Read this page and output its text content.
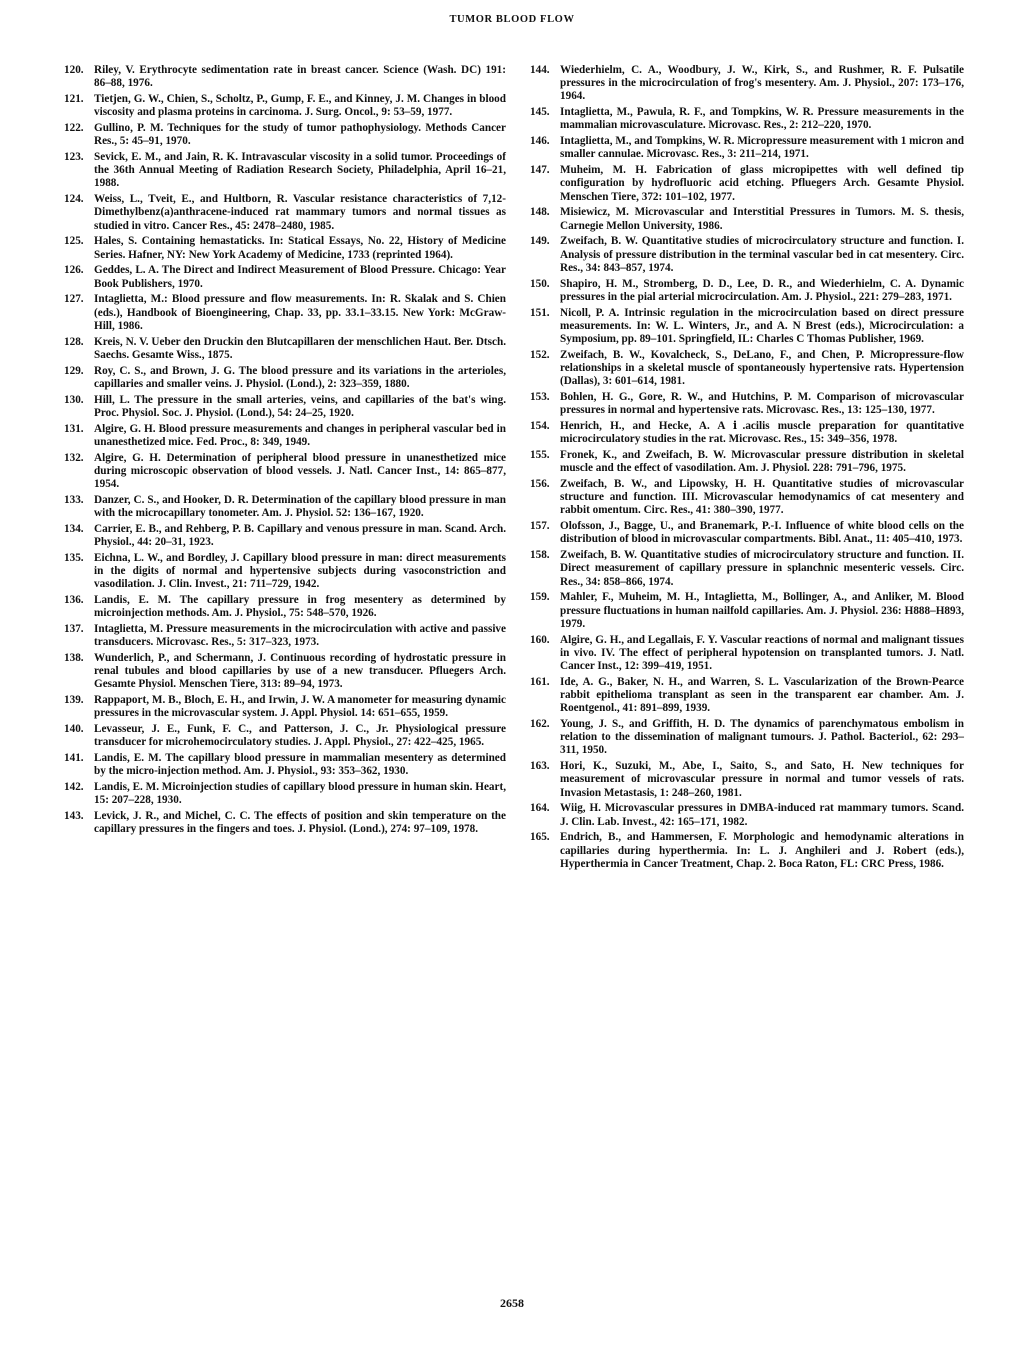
TUMOR BLOOD FLOW
120. Riley, V. Erythrocyte sedimentation rate in breast cancer. Science (Wash. DC) 191: 86–88, 1976.
121. Tietjen, G. W., Chien, S., Scholtz, P., Gump, F. E., and Kinney, J. M. Changes in blood viscosity and plasma proteins in carcinoma. J. Surg. Oncol., 9: 53–59, 1977.
122. Gullino, P. M. Techniques for the study of tumor pathophysiology. Methods Cancer Res., 5: 45–91, 1970.
123. Sevick, E. M., and Jain, R. K. Intravascular viscosity in a solid tumor. Proceedings of the 36th Annual Meeting of Radiation Research Society, Philadelphia, April 16–21, 1988.
124. Weiss, L., Tveit, E., and Hultborn, R. Vascular resistance characteristics of 7,12-Dimethylbenz(a)anthracene-induced rat mammary tumors and normal tissues as studied in vitro. Cancer Res., 45: 2478–2480, 1985.
125. Hales, S. Containing hemastaticks. In: Statical Essays, No. 22, History of Medicine Series. Hafner, NY: New York Academy of Medicine, 1733 (reprinted 1964).
126. Geddes, L. A. The Direct and Indirect Measurement of Blood Pressure. Chicago: Year Book Publishers, 1970.
127. Intaglietta, M.: Blood pressure and flow measurements. In: R. Skalak and S. Chien (eds.), Handbook of Bioengineering, Chap. 33, pp. 33.1–33.15. New York: McGraw-Hill, 1986.
128. Kreis, N. V. Ueber den Druckin den Blutcapillaren der menschlichen Haut. Ber. Dtsch. Saechs. Gesamte Wiss., 1875.
129. Roy, C. S., and Brown, J. G. The blood pressure and its variations in the arterioles, capillaries and smaller veins. J. Physiol. (Lond.), 2: 323–359, 1880.
130. Hill, L. The pressure in the small arteries, veins, and capillaries of the bat's wing. Proc. Physiol. Soc. J. Physiol. (Lond.), 54: 24–25, 1920.
131. Algire, G. H. Blood pressure measurements and changes in peripheral vascular bed in unanesthetized mice. Fed. Proc., 8: 349, 1949.
132. Algire, G. H. Determination of peripheral blood pressure in unanesthetized mice during microscopic observation of blood vessels. J. Natl. Cancer Inst., 14: 865–877, 1954.
133. Danzer, C. S., and Hooker, D. R. Determination of the capillary blood pressure in man with the microcapillary tonometer. Am. J. Physiol. 52: 136–167, 1920.
134. Carrier, E. B., and Rehberg, P. B. Capillary and venous pressure in man. Scand. Arch. Physiol., 44: 20–31, 1923.
135. Eichna, L. W., and Bordley, J. Capillary blood pressure in man: direct measurements in the digits of normal and hypertensive subjects during vasoconstriction and vasodilation. J. Clin. Invest., 21: 711–729, 1942.
136. Landis, E. M. The capillary pressure in frog mesentery as determined by microinjection methods. Am. J. Physiol., 75: 548–570, 1926.
137. Intaglietta, M. Pressure measurements in the microcirculation with active and passive transducers. Microvasc. Res., 5: 317–323, 1973.
138. Wunderlich, P., and Schermann, J. Continuous recording of hydrostatic pressure in renal tubules and blood capillaries by use of a new transducer. Pfluegers Arch. Gesamte Physiol. Menschen Tiere, 313: 89–94, 1973.
139. Rappaport, M. B., Bloch, E. H., and Irwin, J. W. A manometer for measuring dynamic pressures in the microvascular system. J. Appl. Physiol. 14: 651–655, 1959.
140. Levasseur, J. E., Funk, F. C., and Patterson, J. C., Jr. Physiological pressure transducer for microhemocirculatory studies. J. Appl. Physiol., 27: 422–425, 1965.
141. Landis, E. M. The capillary blood pressure in mammalian mesentery as determined by the micro-injection method. Am. J. Physiol., 93: 353–362, 1930.
142. Landis, E. M. Microinjection studies of capillary blood pressure in human skin. Heart, 15: 207–228, 1930.
143. Levick, J. R., and Michel, C. C. The effects of position and skin temperature on the capillary pressures in the fingers and toes. J. Physiol. (Lond.), 274: 97–109, 1978.
144. Wiederhielm, C. A., Woodbury, J. W., Kirk, S., and Rushmer, R. F. Pulsatile pressures in the microcirculation of frog's mesentery. Am. J. Physiol., 207: 173–176, 1964.
145. Intaglietta, M., Pawula, R. F., and Tompkins, W. R. Pressure measurements in the mammalian microvasculature. Microvasc. Res., 2: 212–220, 1970.
146. Intaglietta, M., and Tompkins, W. R. Micropressure measurement with 1 micron and smaller cannulae. Microvasc. Res., 3: 211–214, 1971.
147. Muheim, M. H. Fabrication of glass micropipettes with well defined tip configuration by hydrofluoric acid etching. Pfluegers Arch. Gesamte Physiol. Menschen Tiere, 372: 101–102, 1977.
148. Misiewicz, M. Microvascular and Interstitial Pressures in Tumors. M. S. thesis, Carnegie Mellon University, 1986.
149. Zweifach, B. W. Quantitative studies of microcirculatory structure and function. I. Analysis of pressure distribution in the terminal vascular bed in cat mesentery. Circ. Res., 34: 843–857, 1974.
150. Shapiro, H. M., Stromberg, D. D., Lee, D. R., and Wiederhielm, C. A. Dynamic pressures in the pial arterial microcirculation. Am. J. Physiol., 221: 279–283, 1971.
151. Nicoll, P. A. Intrinsic regulation in the microcirculation based on direct pressure measurements. In: W. L. Winters, Jr., and A. N Brest (eds.), Microcirculation: a Symposium, pp. 89–101. Springfield, IL: Charles C Thomas Publisher, 1969.
152. Zweifach, B. W., Kovalcheck, S., DeLano, F., and Chen, P. Micropressure-flow relationships in a skeletal muscle of spontaneously hypertensive rats. Hypertension (Dallas), 3: 601–614, 1981.
153. Bohlen, H. G., Gore, R. W., and Hutchins, P. M. Comparison of microvascular pressures in normal and hypertensive rats. Microvasc. Res., 13: 125–130, 1977.
154. Henrich, H., and Hecke, A. A ⅰ.acilis muscle preparation for quantitative microcirculatory studies in the rat. Microvasc. Res., 15: 349–356, 1978.
155. Fronek, K., and Zweifach, B. W. Microvascular pressure distribution in skeletal muscle and the effect of vasodilation. Am. J. Physiol. 228: 791–796, 1975.
156. Zweifach, B. W., and Lipowsky, H. H. Quantitative studies of microvascular structure and function. III. Microvascular hemodynamics of cat mesentery and rabbit omentum. Circ. Res., 41: 380–390, 1977.
157. Olofsson, J., Bagge, U., and Branemark, P.-I. Influence of white blood cells on the distribution of blood in microvascular compartments. Bibl. Anat., 11: 405–410, 1973.
158. Zweifach, B. W. Quantitative studies of microcirculatory structure and function. II. Direct measurement of capillary pressure in splanchnic mesenteric vessels. Circ. Res., 34: 858–866, 1974.
159. Mahler, F., Muheim, M. H., Intaglietta, M., Bollinger, A., and Anliker, M. Blood pressure fluctuations in human nailfold capillaries. Am. J. Physiol. 236: H888–H893, 1979.
160. Algire, G. H., and Legallais, F. Y. Vascular reactions of normal and malignant tissues in vivo. IV. The effect of peripheral hypotension on transplanted tumors. J. Natl. Cancer Inst., 12: 399–419, 1951.
161. Ide, A. G., Baker, N. H., and Warren, S. L. Vascularization of the Brown-Pearce rabbit epithelioma transplant as seen in the transparent ear chamber. Am. J. Roentgenol., 41: 891–899, 1939.
162. Young, J. S., and Griffith, H. D. The dynamics of parenchymatous embolism in relation to the dissemination of malignant tumours. J. Pathol. Bacteriol., 62: 293–311, 1950.
163. Hori, K., Suzuki, M., Abe, I., Saito, S., and Sato, H. New techniques for measurement of microvascular pressure in normal and tumor vessels of rats. Invasion Metastasis, 1: 248–260, 1981.
164. Wiig, H. Microvascular pressures in DMBA-induced rat mammary tumors. Scand. J. Clin. Lab. Invest., 42: 165–171, 1982.
165. Endrich, B., and Hammersen, F. Morphologic and hemodynamic alterations in capillaries during hyperthermia. In: L. J. Anghileri and J. Robert (eds.), Hyperthermia in Cancer Treatment, Chap. 2. Boca Raton, FL: CRC Press, 1986.
2658
